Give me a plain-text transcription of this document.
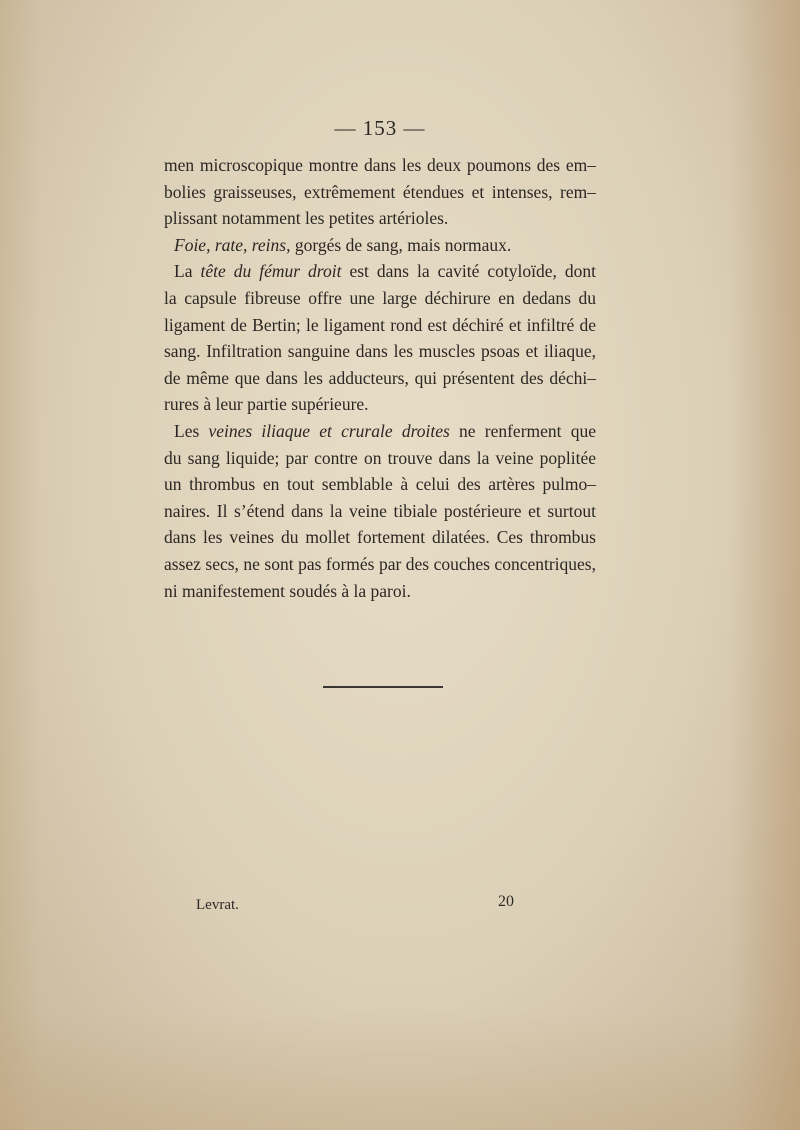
— 153 —
men microscopique montre dans les deux poumons des em–
bolies graisseuses, extrêmement étendues et intenses, rem–
plissant notamment les petites artérioles.
Foie, rate, reins, gorgés de sang, mais normaux.
La tête du fémur droit est dans la cavité cotyloïde, dont
la capsule fibreuse offre une large déchirure en dedans du
ligament de Bertin; le ligament rond est déchiré et infiltré de
sang. Infiltration sanguine dans les muscles psoas et iliaque,
de même que dans les adducteurs, qui présentent des déchi–
rures à leur partie supérieure.
Les veines iliaque et crurale droites ne renferment que
du sang liquide; par contre on trouve dans la veine poplitée
un thrombus en tout semblable à celui des artères pulmo–
naires. Il s’étend dans la veine tibiale postérieure et surtout
dans les veines du mollet fortement dilatées. Ces thrombus
assez secs, ne sont pas formés par des couches concentriques,
ni manifestement soudés à la paroi.
Levrat.	20
